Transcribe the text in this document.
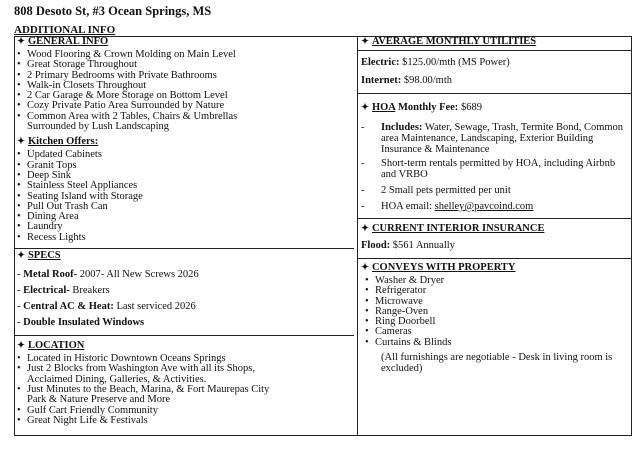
808 Desoto St, #3 Ocean Springs, MS
ADDITIONAL INFO
✦ GENERAL INFO
• Wood Flooring & Crown Molding on Main Level
• Great Storage Throughout
• 2 Primary Bedrooms with Private Bathrooms
• Walk-in Closets Throughout
• 2 Car Garage & More Storage on Bottom Level
• Cozy Private Patio Area Surrounded by Nature
• Common Area with 2 Tables, Chairs & Umbrellas
Surrounded by Lush Landscaping
✦ Kitchen Offers:
• Updated Cabinets
• Granit Tops
• Deep Sink
• Stainless Steel Appliances
• Seating Island with Storage
• Pull Out Trash Can
• Dining Area
• Laundry
• Recess Lights
✦ SPECS
- Metal Roof- 2007- All New Screws 2026
- Electrical- Breakers
- Central AC & Heat: Last serviced 2026
- Double Insulated Windows
✦ LOCATION
• Located in Historic Downtown Oceans Springs
• Just 2 Blocks from Washington Ave with all its Shops,
Acclaimed Dining, Galleries, & Activities.
• Just Minutes to the Beach, Marina, & Fort Maurepas City
Park & Nature Preserve and More
• Gulf Cart Friendly Community
• Great Night Life & Festivals
✦ AVERAGE MONTHLY UTILITIES
Electric: $125.00/mth (MS Power)
Internet: $98.00/mth
✦ HOA Monthly Fee: $689
- Includes: Water, Sewage, Trash, Termite Bond, Common area Maintenance, Landscaping, Exterior Building Insurance & Maintenance
- Short-term rentals permitted by HOA, including Airbnb and VRBO
- 2 Small pets permitted per unit
- HOA email: shelley@pavcoind.com
✦ CURRENT INTERIOR INSURANCE
Flood: $561 Annually
✦ CONVEYS WITH PROPERTY
• Washer & Dryer
• Refrigerator
• Microwave
• Range-Oven
• Ring Doorbell
• Cameras
• Curtains & Blinds
(All furnishings are negotiable - Desk in living room is excluded)
